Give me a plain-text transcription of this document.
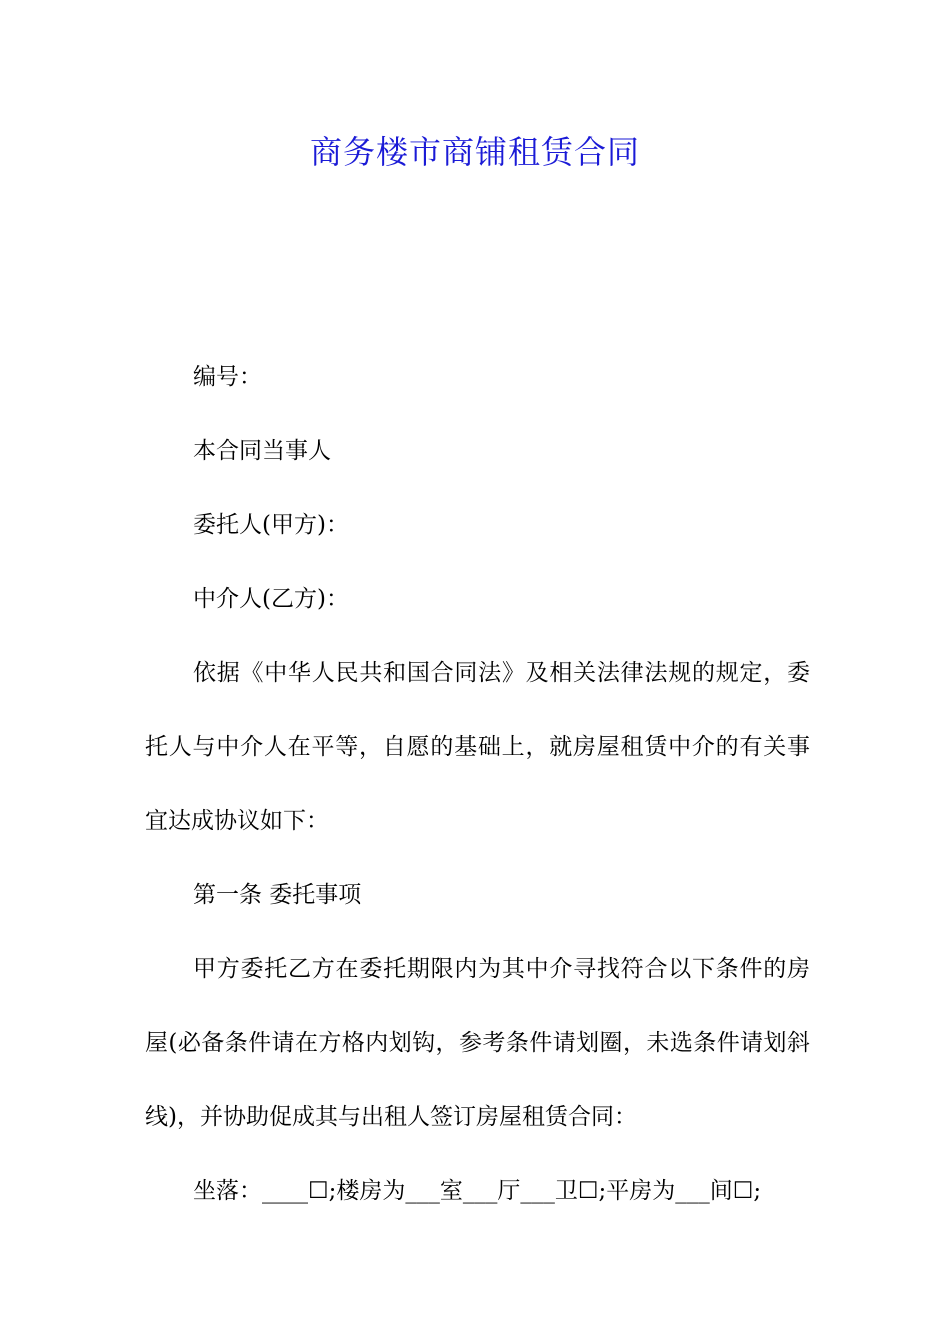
商务楼市商铺租赁合同

编号：

本合同当事人

委托人(甲方)：

中介人(乙方)：

依据《中华人民共和国合同法》及相关法律法规的规定，委托人与中介人在平等，自愿的基础上，就房屋租赁中介的有关事宜达成协议如下：

第一条 委托事项

甲方委托乙方在委托期限内为其中介寻找符合以下条件的房屋(必备条件请在方格内划钩，参考条件请划圈，未选条件请划斜线)，并协助促成其与出租人签订房屋租赁合同：

坐落：____☐;楼房为___室___厅___卫☐;平房为___间☐;
